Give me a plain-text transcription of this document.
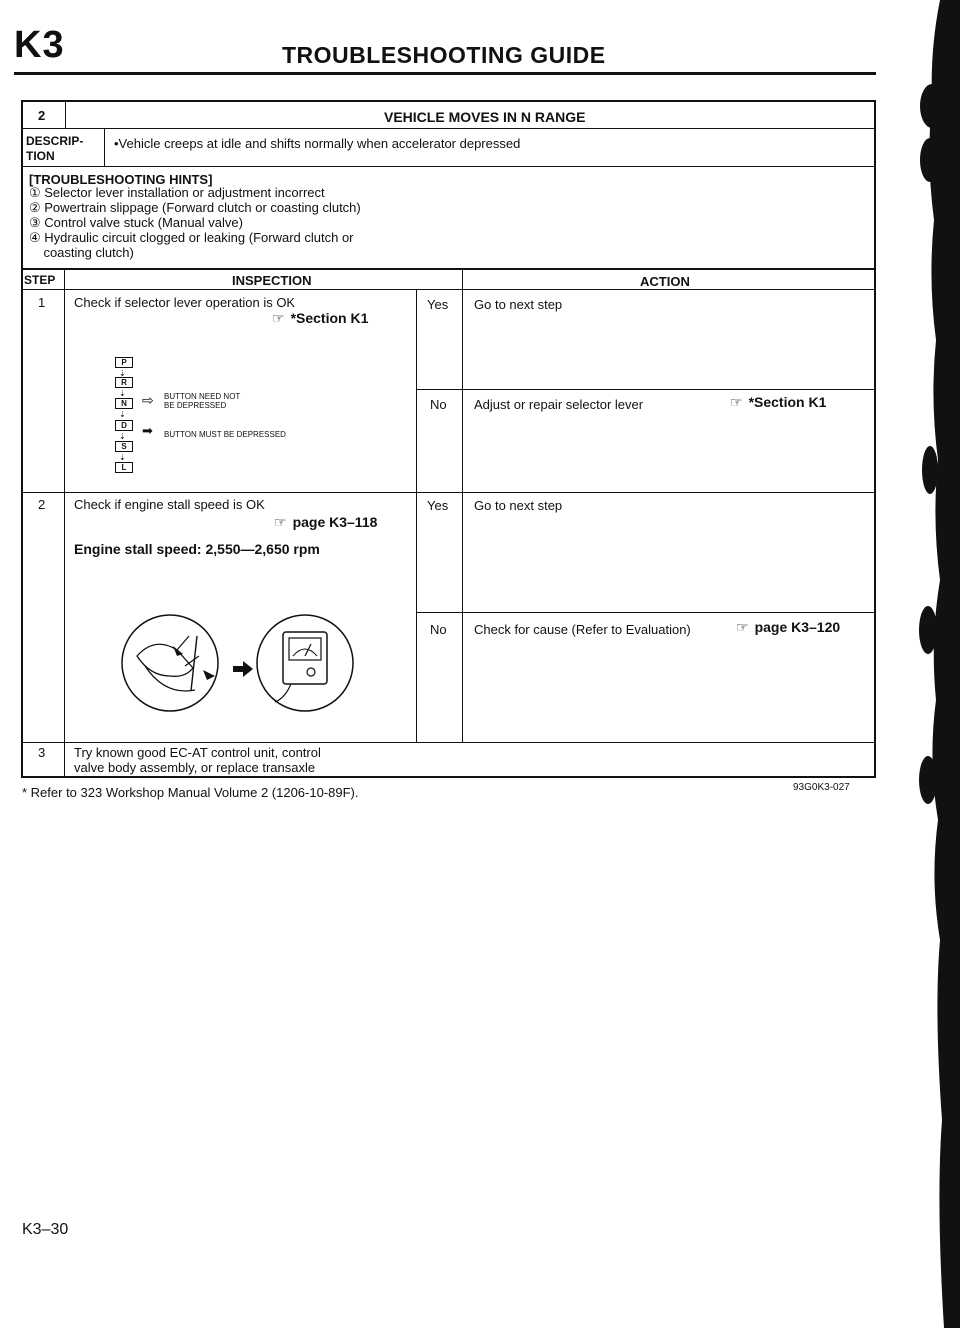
K3	TROUBLESHOOTING GUIDE
2	VEHICLE MOVES IN N RANGE
DESCRIP-
TION
•Vehicle creeps at idle and shifts normally when accelerator depressed
[TROUBLESHOOTING HINTS]
① Selector lever installation or adjustment incorrect
② Powertrain slippage (Forward clutch or coasting clutch)
③ Control valve stuck (Manual valve)
④ Hydraulic circuit clogged or leaking (Forward clutch or
coasting clutch)
STEP	INSPECTION	ACTION
1 Check if selector lever operation is OK
☞ *Section K1
Yes Go to next step
No Adjust or repair selector lever	☞ *Section K1
P
⇣
R
⇣
N
⇣
D
⇣
S
⇣
L
⇨ BUTTON NEED NOT
BE DEPRESSED
➡ BUTTON MUST BE DEPRESSED
2 Check if engine stall speed is OK
☞ page K3–118
Engine stall speed: 2,550—2,650 rpm
Yes Go to next step
No Check for cause (Refer to Evaluation)	☞ page K3–120
3 Try known good EC-AT control unit, control
valve body assembly, or replace transaxle
* Refer to 323 Workshop Manual Volume 2 (1206-10-89F).	93G0K3-027
K3–30
